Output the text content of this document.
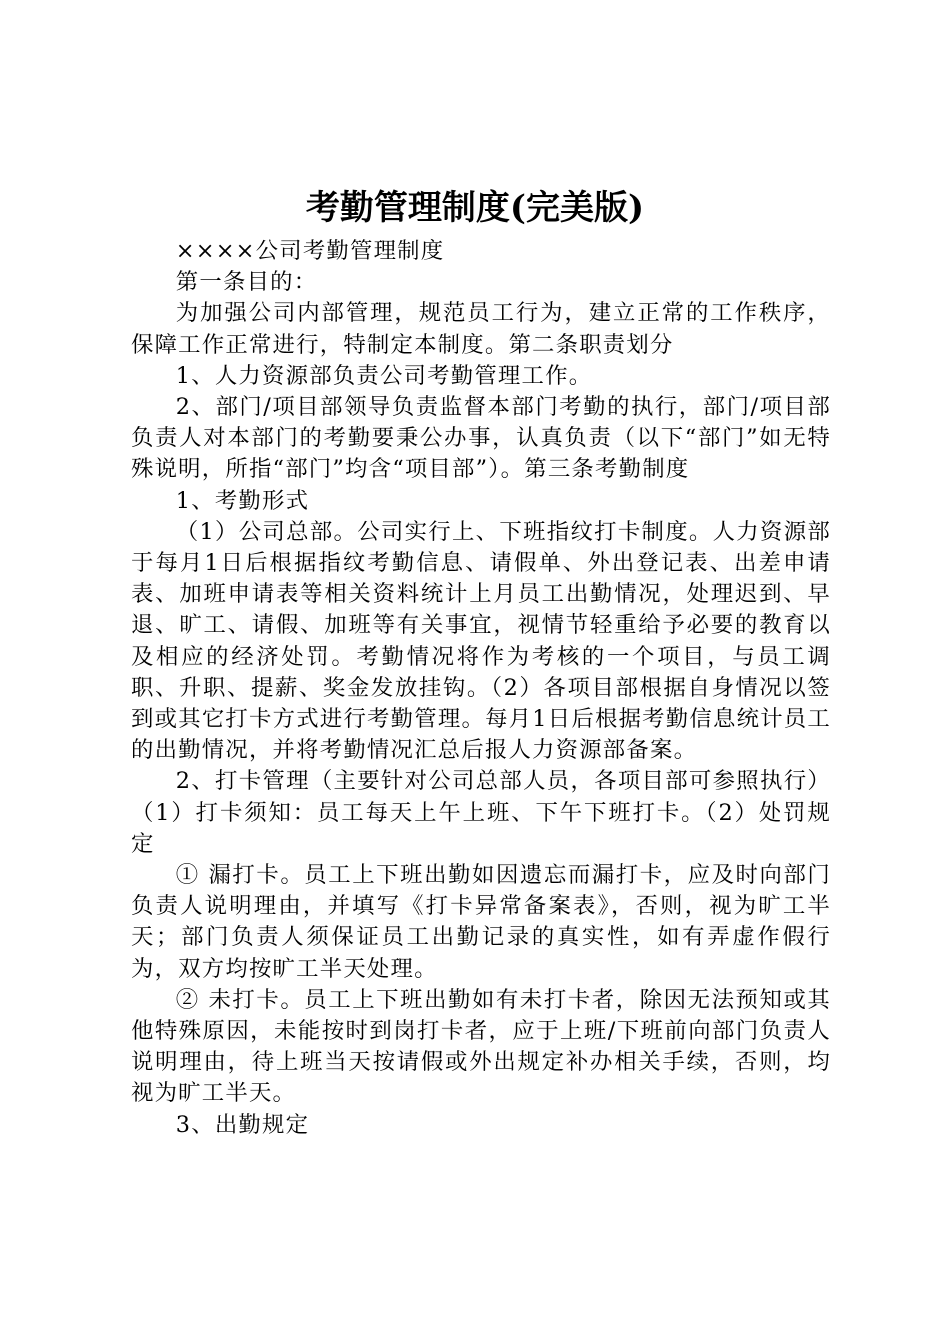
考勤管理制度(完美版)

××××公司考勤管理制度

第一条目的：

为加强公司内部管理，规范员工行为，建立正常的工作秩序，保障工作正常进行，特制定本制度。第二条职责划分

1、人力资源部负责公司考勤管理工作。

2、部门/项目部领导负责监督本部门考勤的执行，部门/项目部负责人对本部门的考勤要秉公办事，认真负责（以下“部门”如无特殊说明，所指“部门”均含“项目部”）。第三条考勤制度

1、考勤形式

（1）公司总部。公司实行上、下班指纹打卡制度。人力资源部于每月1日后根据指纹考勤信息、请假单、外出登记表、出差申请表、加班申请表等相关资料统计上月员工出勤情况，处理迟到、早退、旷工、请假、加班等有关事宜，视情节轻重给予必要的教育以及相应的经济处罚。考勤情况将作为考核的一个项目，与员工调职、升职、提薪、奖金发放挂钩。（2）各项目部根据自身情况以签到或其它打卡方式进行考勤管理。每月1日后根据考勤信息统计员工的出勤情况，并将考勤情况汇总后报人力资源部备案。

2、打卡管理（主要针对公司总部人员，各项目部可参照执行）（1）打卡须知：员工每天上午上班、下午下班打卡。（2）处罚规定

① 漏打卡。员工上下班出勤如因遗忘而漏打卡，应及时向部门负责人说明理由，并填写《打卡异常备案表》，否则，视为旷工半天；部门负责人须保证员工出勤记录的真实性，如有弄虚作假行为，双方均按旷工半天处理。

② 未打卡。员工上下班出勤如有未打卡者，除因无法预知或其他特殊原因，未能按时到岗打卡者，应于上班/下班前向部门负责人说明理由，待上班当天按请假或外出规定补办相关手续，否则，均视为旷工半天。

3、出勤规定
